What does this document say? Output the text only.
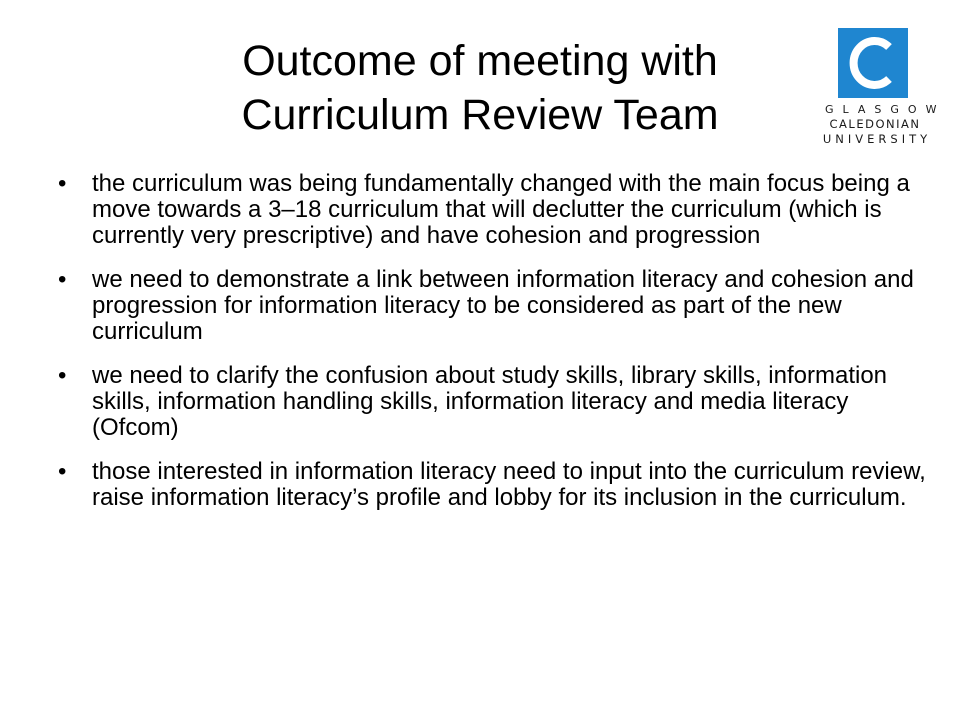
Outcome of meeting with
Curriculum Review Team	GLASGOW
CALEDONIAN
UNIVERSITY
•	the curriculum was being fundamentally changed with the main focus being a move towards a 3–18 curriculum that will declutter the curriculum (which is currently very prescriptive) and have cohesion and progression
•	we need to demonstrate a link between information literacy and cohesion and progression for information literacy to be considered as part of the new curriculum
•	we need to clarify the confusion about study skills, library skills, information skills, information handling skills, information literacy and media literacy (Ofcom)
•	those interested in information literacy need to input into the curriculum review, raise information literacy’s profile and lobby for its inclusion in the curriculum.
